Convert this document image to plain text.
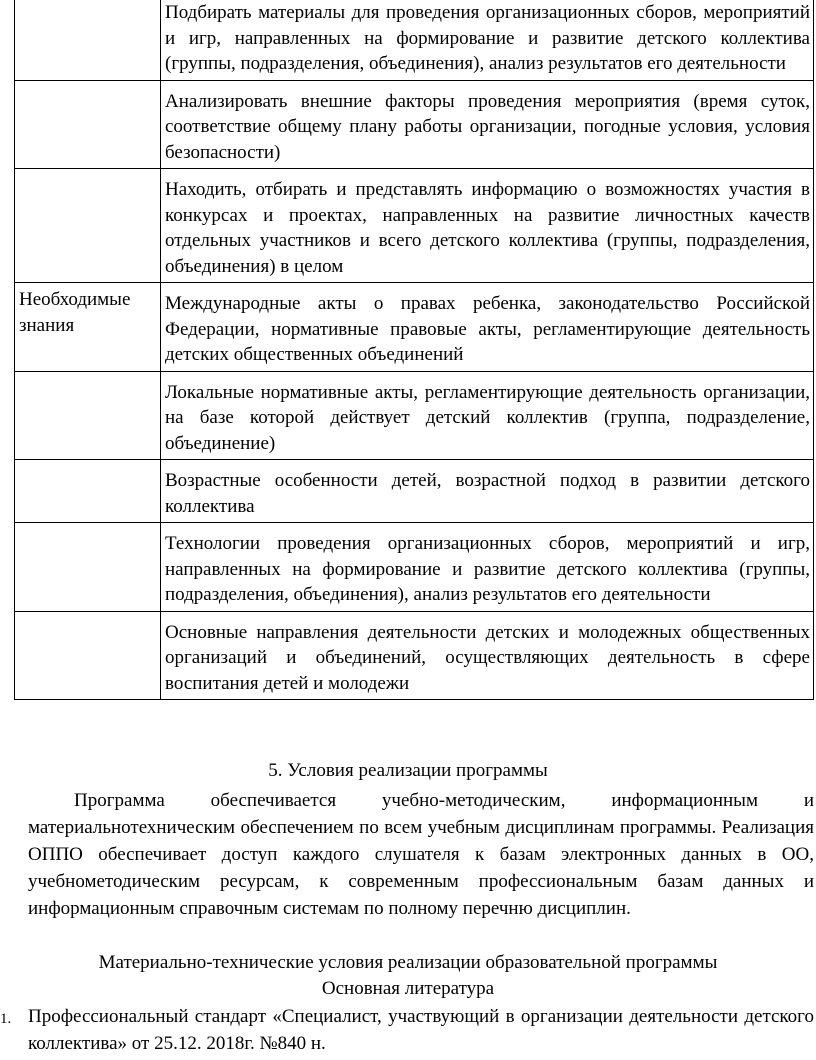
	Подбирать материалы для проведения организационных сборов, мероприятий и игр, направленных на формирование и развитие детского коллектива (группы, подразделения, объединения), анализ результатов его деятельности
	Анализировать внешние факторы проведения мероприятия (время суток, соответствие общему плану работы организации, погодные условия, условия безопасности)
	Находить, отбирать и представлять информацию о возможностях участия в конкурсах и проектах, направленных на развитие личностных качеств отдельных участников и всего детского коллектива (группы, подразделения, объединения) в целом
Необходимые знания	Международные акты о правах ребенка, законодательство Российской Федерации, нормативные правовые акты, регламентирующие деятельность детских общественных объединений
	Локальные нормативные акты, регламентирующие деятельность организации, на базе которой действует детский коллектив (группа, подразделение, объединение)
	Возрастные особенности детей, возрастной подход в развитии детского коллектива
	Технологии проведения организационных сборов, мероприятий и игр, направленных на формирование и развитие детского коллектива (группы, подразделения, объединения), анализ результатов его деятельности
	Основные направления деятельности детских и молодежных общественных организаций и объединений, осуществляющих деятельность в сфере воспитания детей и молодежи
5. Условия реализации программы
Программа обеспечивается учебно-методическим, информационным и материальнотехническим обеспечением по всем учебным дисциплинам программы. Реализация ОППО обеспечивает доступ каждого слушателя к базам электронных данных в ОО, учебнометодическим ресурсам, к современным профессиональным базам данных и информационным справочным системам по полному перечню дисциплин.
Материально-технические условия реализации образовательной программы
Основная литература
1. Профессиональный стандарт «Специалист, участвующий в организации деятельности детского коллектива» от 25.12. 2018г. №840 н.
